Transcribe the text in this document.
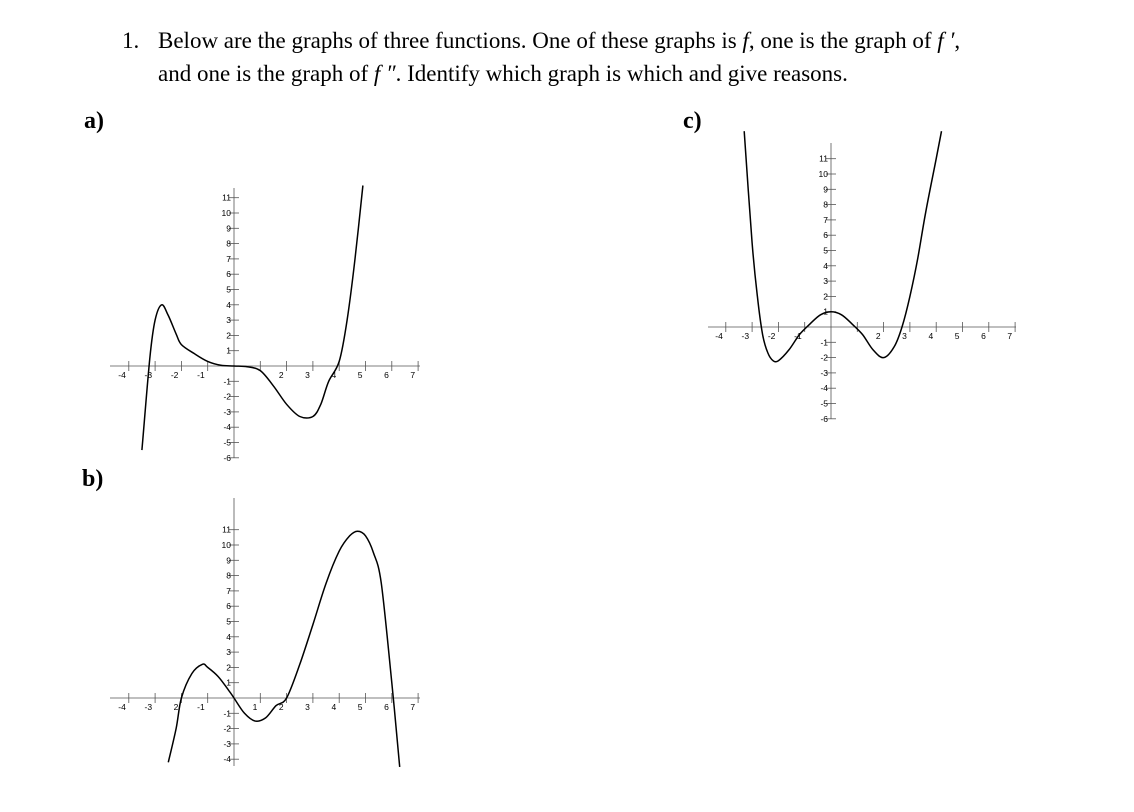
1. Below are the graphs of three functions. One of these graphs is f, one is the graph of f ′,
and one is the graph of f ″. Identify which graph is which and give reasons.
a)
b)
c)
-4 -3 -2 -1	2	3	4	5	6	7
-6
-5
-4
-3
-2
-1
1
2
3
4
5
6
7
8
9
10
11
-4 -3	2 -1	1	2	3	4	5	6	7
-4
-3
-2
-1
1
2
3
4
5
6
7
8
9
10
11
-4 -3 -2 -1	2	3	4	5	6	7
-6
-5
-4
-3
-2
-1
1
2
3
4
5
6
7
8
9
10
11
